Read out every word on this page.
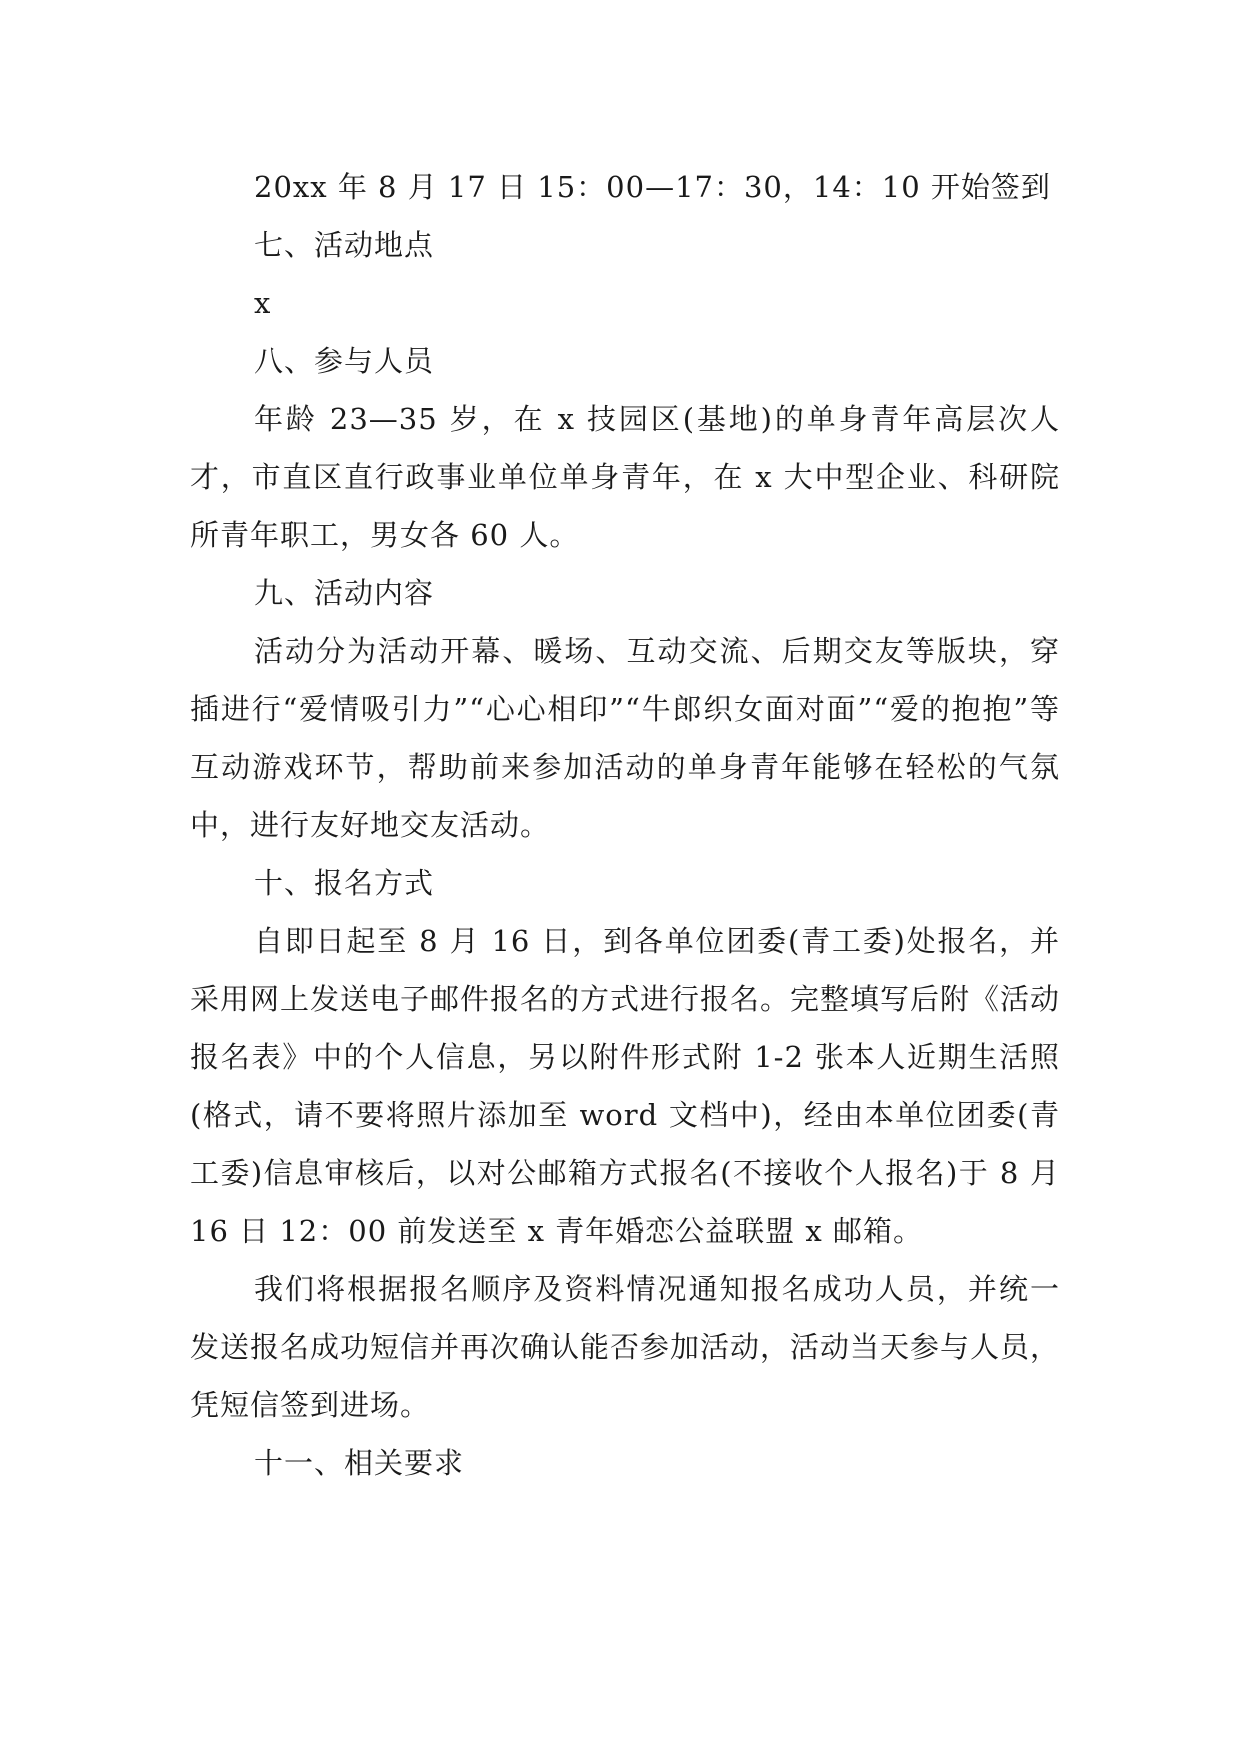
20xx 年 8 月 17 日 15：00—17：30，14：10 开始签到

七、活动地点

x

八、参与人员

年龄 23—35 岁，在 x 技园区(基地)的单身青年高层次人才，市直区直行政事业单位单身青年，在 x 大中型企业、科研院所青年职工，男女各 60 人。

九、活动内容

活动分为活动开幕、暖场、互动交流、后期交友等版块，穿插进行“爱情吸引力”“心心相印”“牛郎织女面对面”“爱的抱抱”等互动游戏环节，帮助前来参加活动的单身青年能够在轻松的气氛中，进行友好地交友活动。

十、报名方式

自即日起至 8 月 16 日，到各单位团委(青工委)处报名，并采用网上发送电子邮件报名的方式进行报名。完整填写后附《活动报名表》中的个人信息，另以附件形式附 1-2 张本人近期生活照(格式，请不要将照片添加至 word 文档中)，经由本单位团委(青工委)信息审核后，以对公邮箱方式报名(不接收个人报名)于 8 月 16 日 12：00 前发送至 x 青年婚恋公益联盟 x 邮箱。

我们将根据报名顺序及资料情况通知报名成功人员，并统一发送报名成功短信并再次确认能否参加活动，活动当天参与人员，凭短信签到进场。

十一、相关要求
